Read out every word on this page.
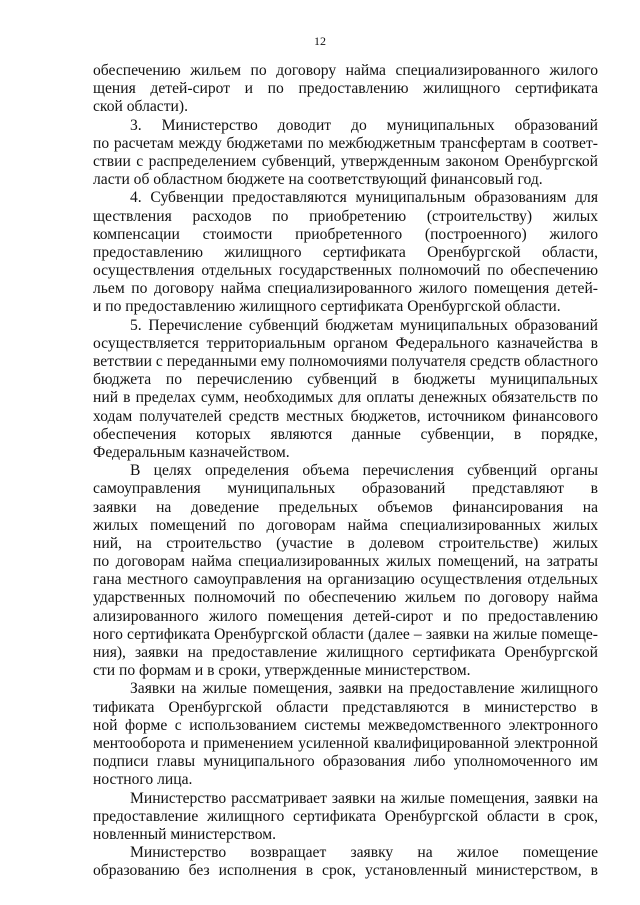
12
обеспечению жильем по договору найма специализированного жилого
щения детей-сирот и по предоставлению жилищного сертификата
ской области).
3. Министерство доводит до муниципальных образований
по расчетам между бюджетами по межбюджетным трансфертам в соответ-
ствии с распределением субвенций, утвержденным законом Оренбургской
ласти об областном бюджете на соответствующий финансовый год.
4. Субвенции предоставляются муниципальным образованиям для
ществления расходов по приобретению (строительству) жилых
компенсации стоимости приобретенного (построенного) жилого
предоставлению жилищного сертификата Оренбургской области,
осуществления отдельных государственных полномочий по обеспечению
льем по договору найма специализированного жилого помещения детей-
и по предоставлению жилищного сертификата Оренбургской области.
5. Перечисление субвенций бюджетам муниципальных образований
осуществляется территориальным органом Федерального казначейства в
ветствии с переданными ему полномочиями получателя средств областного
бюджета по перечислению субвенций в бюджеты муниципальных
ний в пределах сумм, необходимых для оплаты денежных обязательств по
ходам получателей средств местных бюджетов, источником финансового
обеспечения которых являются данные субвенции, в порядке,
Федеральным казначейством.
В целях определения объема перечисления субвенций органы
самоуправления муниципальных образований представляют в
заявки на доведение предельных объемов финансирования на
жилых помещений по договорам найма специализированных жилых
ний, на строительство (участие в долевом строительстве) жилых
по договорам найма специализированных жилых помещений, на затраты
гана местного самоуправления на организацию осуществления отдельных
ударственных полномочий по обеспечению жильем по договору найма
ализированного жилого помещения детей-сирот и по предоставлению
ного сертификата Оренбургской области (далее – заявки на жилые помеще-
ния), заявки на предоставление жилищного сертификата Оренбургской
сти по формам и в сроки, утвержденные министерством.
Заявки на жилые помещения, заявки на предоставление жилищного
тификата Оренбургской области представляются в министерство в
ной форме с использованием системы межведомственного электронного
ментооборота и применением усиленной квалифицированной электронной
подписи главы муниципального образования либо уполномоченного им
ностного лица.
Министерство рассматривает заявки на жилые помещения, заявки на
предоставление жилищного сертификата Оренбургской области в срок,
новленный министерством.
Министерство возвращает заявку на жилое помещение
образованию без исполнения в срок, установленный министерством, в
